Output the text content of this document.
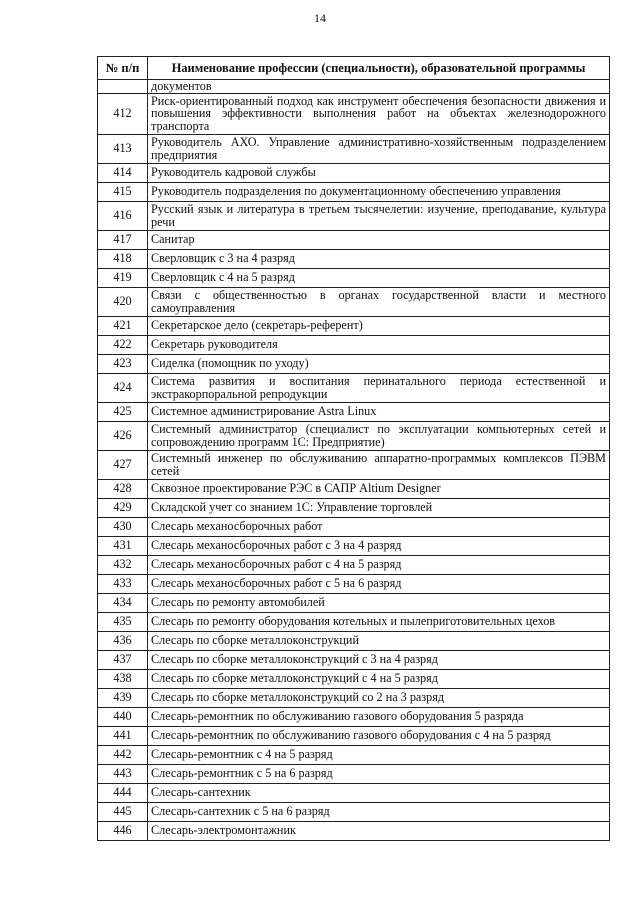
14
№ п/п	Наименование профессии (специальности), образовательной программы
	документов
412	Риск-ориентированный подход как инструмент обеспечения безопасности движения и повышения эффективности выполнения работ на объектах железнодорожного транспорта
413	Руководитель АХО. Управление административно-хозяйственным подразделением предприятия
414	Руководитель кадровой службы
415	Руководитель подразделения по документационному обеспечению управления
416	Русский язык и литература в третьем тысячелетии: изучение, преподавание, культура речи
417	Санитар
418	Сверловщик с 3 на 4 разряд
419	Сверловщик с 4 на 5 разряд
420	Связи с общественностью в органах государственной власти и местного самоуправления
421	Секретарское дело (секретарь-референт)
422	Секретарь руководителя
423	Сиделка (помощник по уходу)
424	Система развития и воспитания перинатального периода естественной и экстракорпоральной репродукции
425	Системное администрирование Astra Linux
426	Системный администратор (специалист по эксплуатации компьютерных сетей и сопровождению программ 1С: Предприятие)
427	Системный инженер по обслуживанию аппаратно-программых комплексов ПЭВМ сетей
428	Сквозное проектирование РЭС в САПР Altium Designer
429	Складской учет со знанием 1С: Управление торговлей
430	Слесарь механосборочных работ
431	Слесарь механосборочных работ с 3 на 4 разряд
432	Слесарь механосборочных работ с 4 на 5 разряд
433	Слесарь механосборочных работ с 5 на 6 разряд
434	Слесарь по ремонту автомобилей
435	Слесарь по ремонту оборудования котельных и пылеприготовительных цехов
436	Слесарь по сборке металлоконструкций
437	Слесарь по сборке металлоконструкций с 3 на 4 разряд
438	Слесарь по сборке металлоконструкций с 4 на 5 разряд
439	Слесарь по сборке металлоконструкций со 2 на 3 разряд
440	Слесарь-ремонтник по обслуживанию газового оборудования 5 разряда
441	Слесарь-ремонтник по обслуживанию газового оборудования с 4 на 5 разряд
442	Слесарь-ремонтник с 4 на 5 разряд
443	Слесарь-ремонтник с 5 на 6 разряд
444	Слесарь-сантехник
445	Слесарь-сантехник с 5 на 6 разряд
446	Слесарь-электромонтажник
